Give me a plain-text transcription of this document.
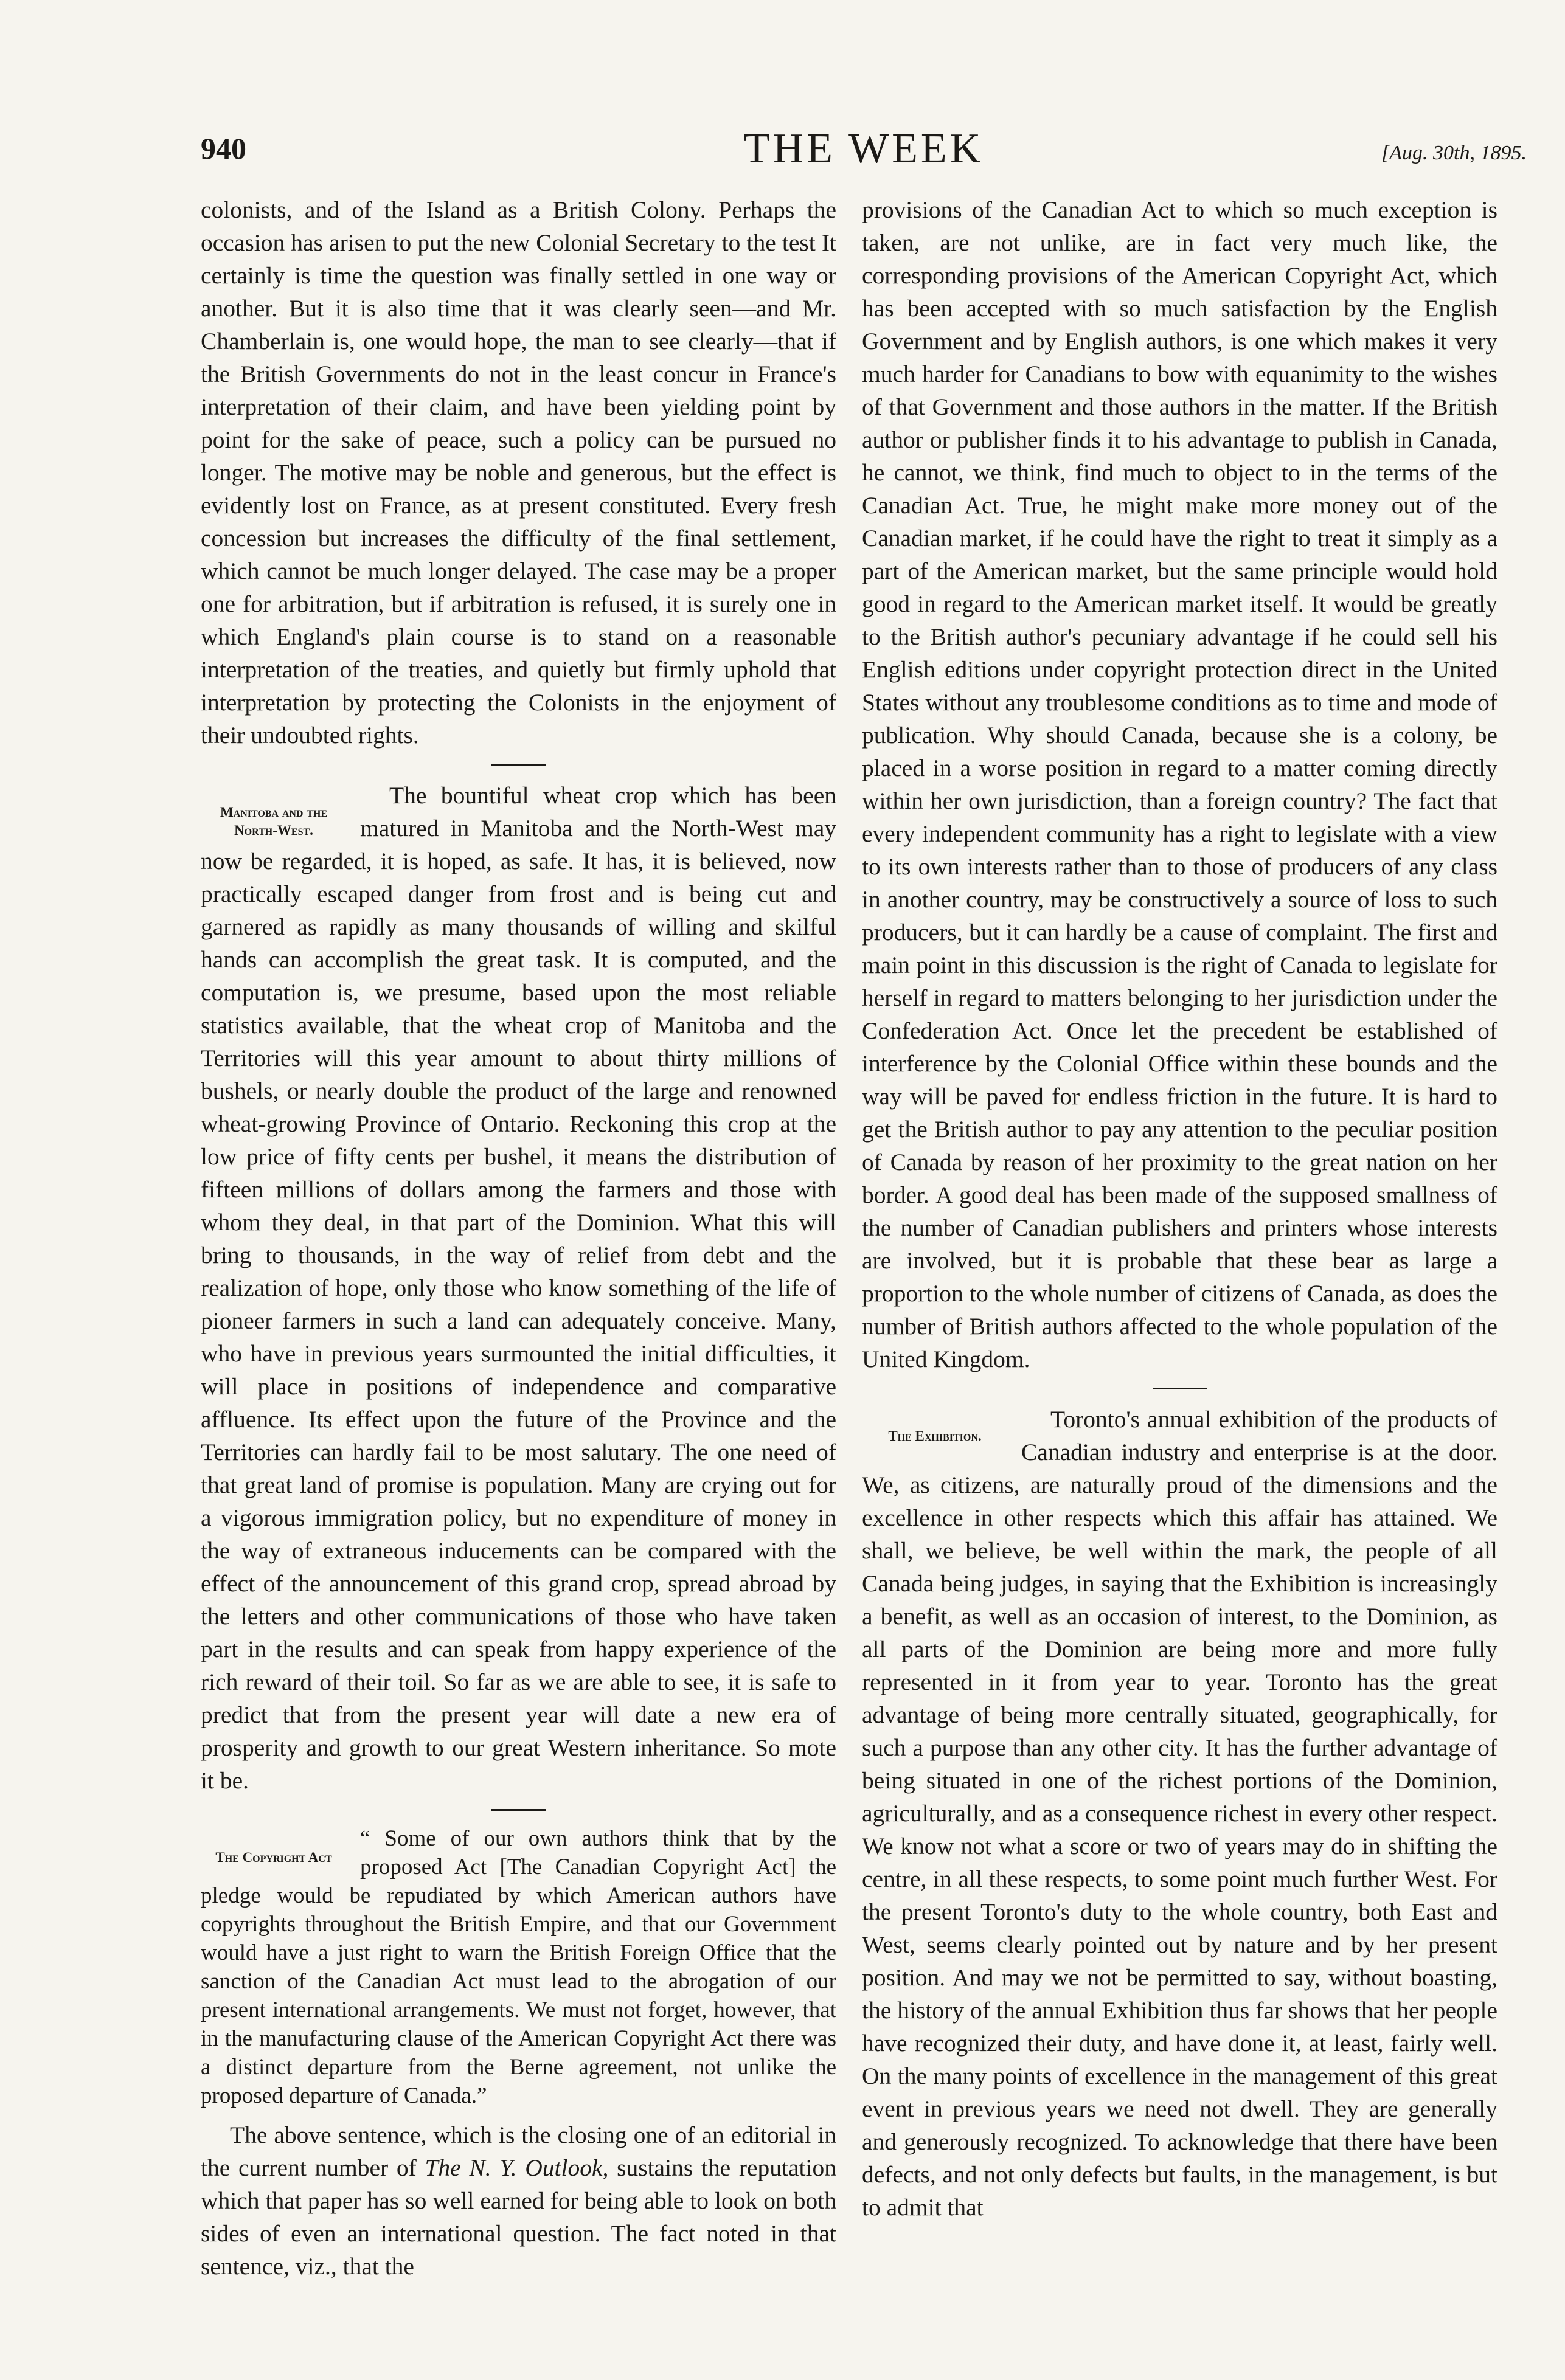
940	THE WEEK	[Aug. 30th, 1895.

colonists, and of the Island as a British Colony. Perhaps the occasion has arisen to put the new Colonial Secretary to the test It certainly is time the question was finally settled in one way or another. But it is also time that it was clearly seen—and Mr. Chamberlain is, one would hope, the man to see clearly—that if the British Governments do not in the least concur in France's interpretation of their claim, and have been yielding point by point for the sake of peace, such a policy can be pursued no longer. The motive may be noble and generous, but the effect is evidently lost on France, as at present constituted. Every fresh concession but increases the difficulty of the final settlement, which cannot be much longer delayed. The case may be a proper one for arbitration, but if arbitration is refused, it is surely one in which England's plain course is to stand on a reasonable interpretation of the treaties, and quietly but firmly uphold that interpretation by protecting the Colonists in the enjoyment of their undoubted rights.

Manitoba and the North-West.

The bountiful wheat crop which has been matured in Manitoba and the North-West may now be regarded, it is hoped, as safe. It has, it is believed, now practically escaped danger from frost and is being cut and garnered as rapidly as many thousands of willing and skilful hands can accomplish the great task. It is computed, and the computation is, we presume, based upon the most reliable statistics available, that the wheat crop of Manitoba and the Territories will this year amount to about thirty millions of bushels, or nearly double the product of the large and renowned wheat-growing Province of Ontario. Reckoning this crop at the low price of fifty cents per bushel, it means the distribution of fifteen millions of dollars among the farmers and those with whom they deal, in that part of the Dominion. What this will bring to thousands, in the way of relief from debt and the realization of hope, only those who know something of the life of pioneer farmers in such a land can adequately conceive. Many, who have in previous years surmounted the initial difficulties, it will place in positions of independence and comparative affluence. Its effect upon the future of the Province and the Territories can hardly fail to be most salutary. The one need of that great land of promise is population. Many are crying out for a vigorous immigration policy, but no expenditure of money in the way of extraneous inducements can be compared with the effect of the announcement of this grand crop, spread abroad by the letters and other communications of those who have taken part in the results and can speak from happy experience of the rich reward of their toil. So far as we are able to see, it is safe to predict that from the present year will date a new era of prosperity and growth to our great Western inheritance. So mote it be.

The Copyright Act

“ Some of our own authors think that by the proposed Act [The Canadian Copyright Act] the pledge would be repudiated by which American authors have copyrights throughout the British Empire, and that our Government would have a just right to warn the British Foreign Office that the sanction of the Canadian Act must lead to the abrogation of our present international arrangements. We must not forget, however, that in the manufacturing clause of the American Copyright Act there was a distinct departure from the Berne agreement, not unlike the proposed departure of Canada.”

The above sentence, which is the closing one of an editorial in the current number of The N. Y. Outlook, sustains the reputation which that paper has so well earned for being able to look on both sides of even an international question. The fact noted in that sentence, viz., that the

provisions of the Canadian Act to which so much exception is taken, are not unlike, are in fact very much like, the corresponding provisions of the American Copyright Act, which has been accepted with so much satisfaction by the English Government and by English authors, is one which makes it very much harder for Canadians to bow with equanimity to the wishes of that Government and those authors in the matter. If the British author or publisher finds it to his advantage to publish in Canada, he cannot, we think, find much to object to in the terms of the Canadian Act. True, he might make more money out of the Canadian market, if he could have the right to treat it simply as a part of the American market, but the same principle would hold good in regard to the American market itself. It would be greatly to the British author's pecuniary advantage if he could sell his English editions under copyright protection direct in the United States without any troublesome conditions as to time and mode of publication. Why should Canada, because she is a colony, be placed in a worse position in regard to a matter coming directly within her own jurisdiction, than a foreign country? The fact that every independent community has a right to legislate with a view to its own interests rather than to those of producers of any class in another country, may be constructively a source of loss to such producers, but it can hardly be a cause of complaint. The first and main point in this discussion is the right of Canada to legislate for herself in regard to matters belonging to her jurisdiction under the Confederation Act. Once let the precedent be established of interference by the Colonial Office within these bounds and the way will be paved for endless friction in the future. It is hard to get the British author to pay any attention to the peculiar position of Canada by reason of her proximity to the great nation on her border. A good deal has been made of the supposed smallness of the number of Canadian publishers and printers whose interests are involved, but it is probable that these bear as large a proportion to the whole number of citizens of Canada, as does the number of British authors affected to the whole population of the United Kingdom.

The Exhibition.

Toronto's annual exhibition of the products of Canadian industry and enterprise is at the door. We, as citizens, are naturally proud of the dimensions and the excellence in other respects which this affair has attained. We shall, we believe, be well within the mark, the people of all Canada being judges, in saying that the Exhibition is increasingly a benefit, as well as an occasion of interest, to the Dominion, as all parts of the Dominion are being more and more fully represented in it from year to year. Toronto has the great advantage of being more centrally situated, geographically, for such a purpose than any other city. It has the further advantage of being situated in one of the richest portions of the Dominion, agriculturally, and as a consequence richest in every other respect. We know not what a score or two of years may do in shifting the centre, in all these respects, to some point much further West. For the present Toronto's duty to the whole country, both East and West, seems clearly pointed out by nature and by her present position. And may we not be permitted to say, without boasting, the history of the annual Exhibition thus far shows that her people have recognized their duty, and have done it, at least, fairly well. On the many points of excellence in the management of this great event in previous years we need not dwell. They are generally and generously recognized. To acknowledge that there have been defects, and not only defects but faults, in the management, is but to admit that
